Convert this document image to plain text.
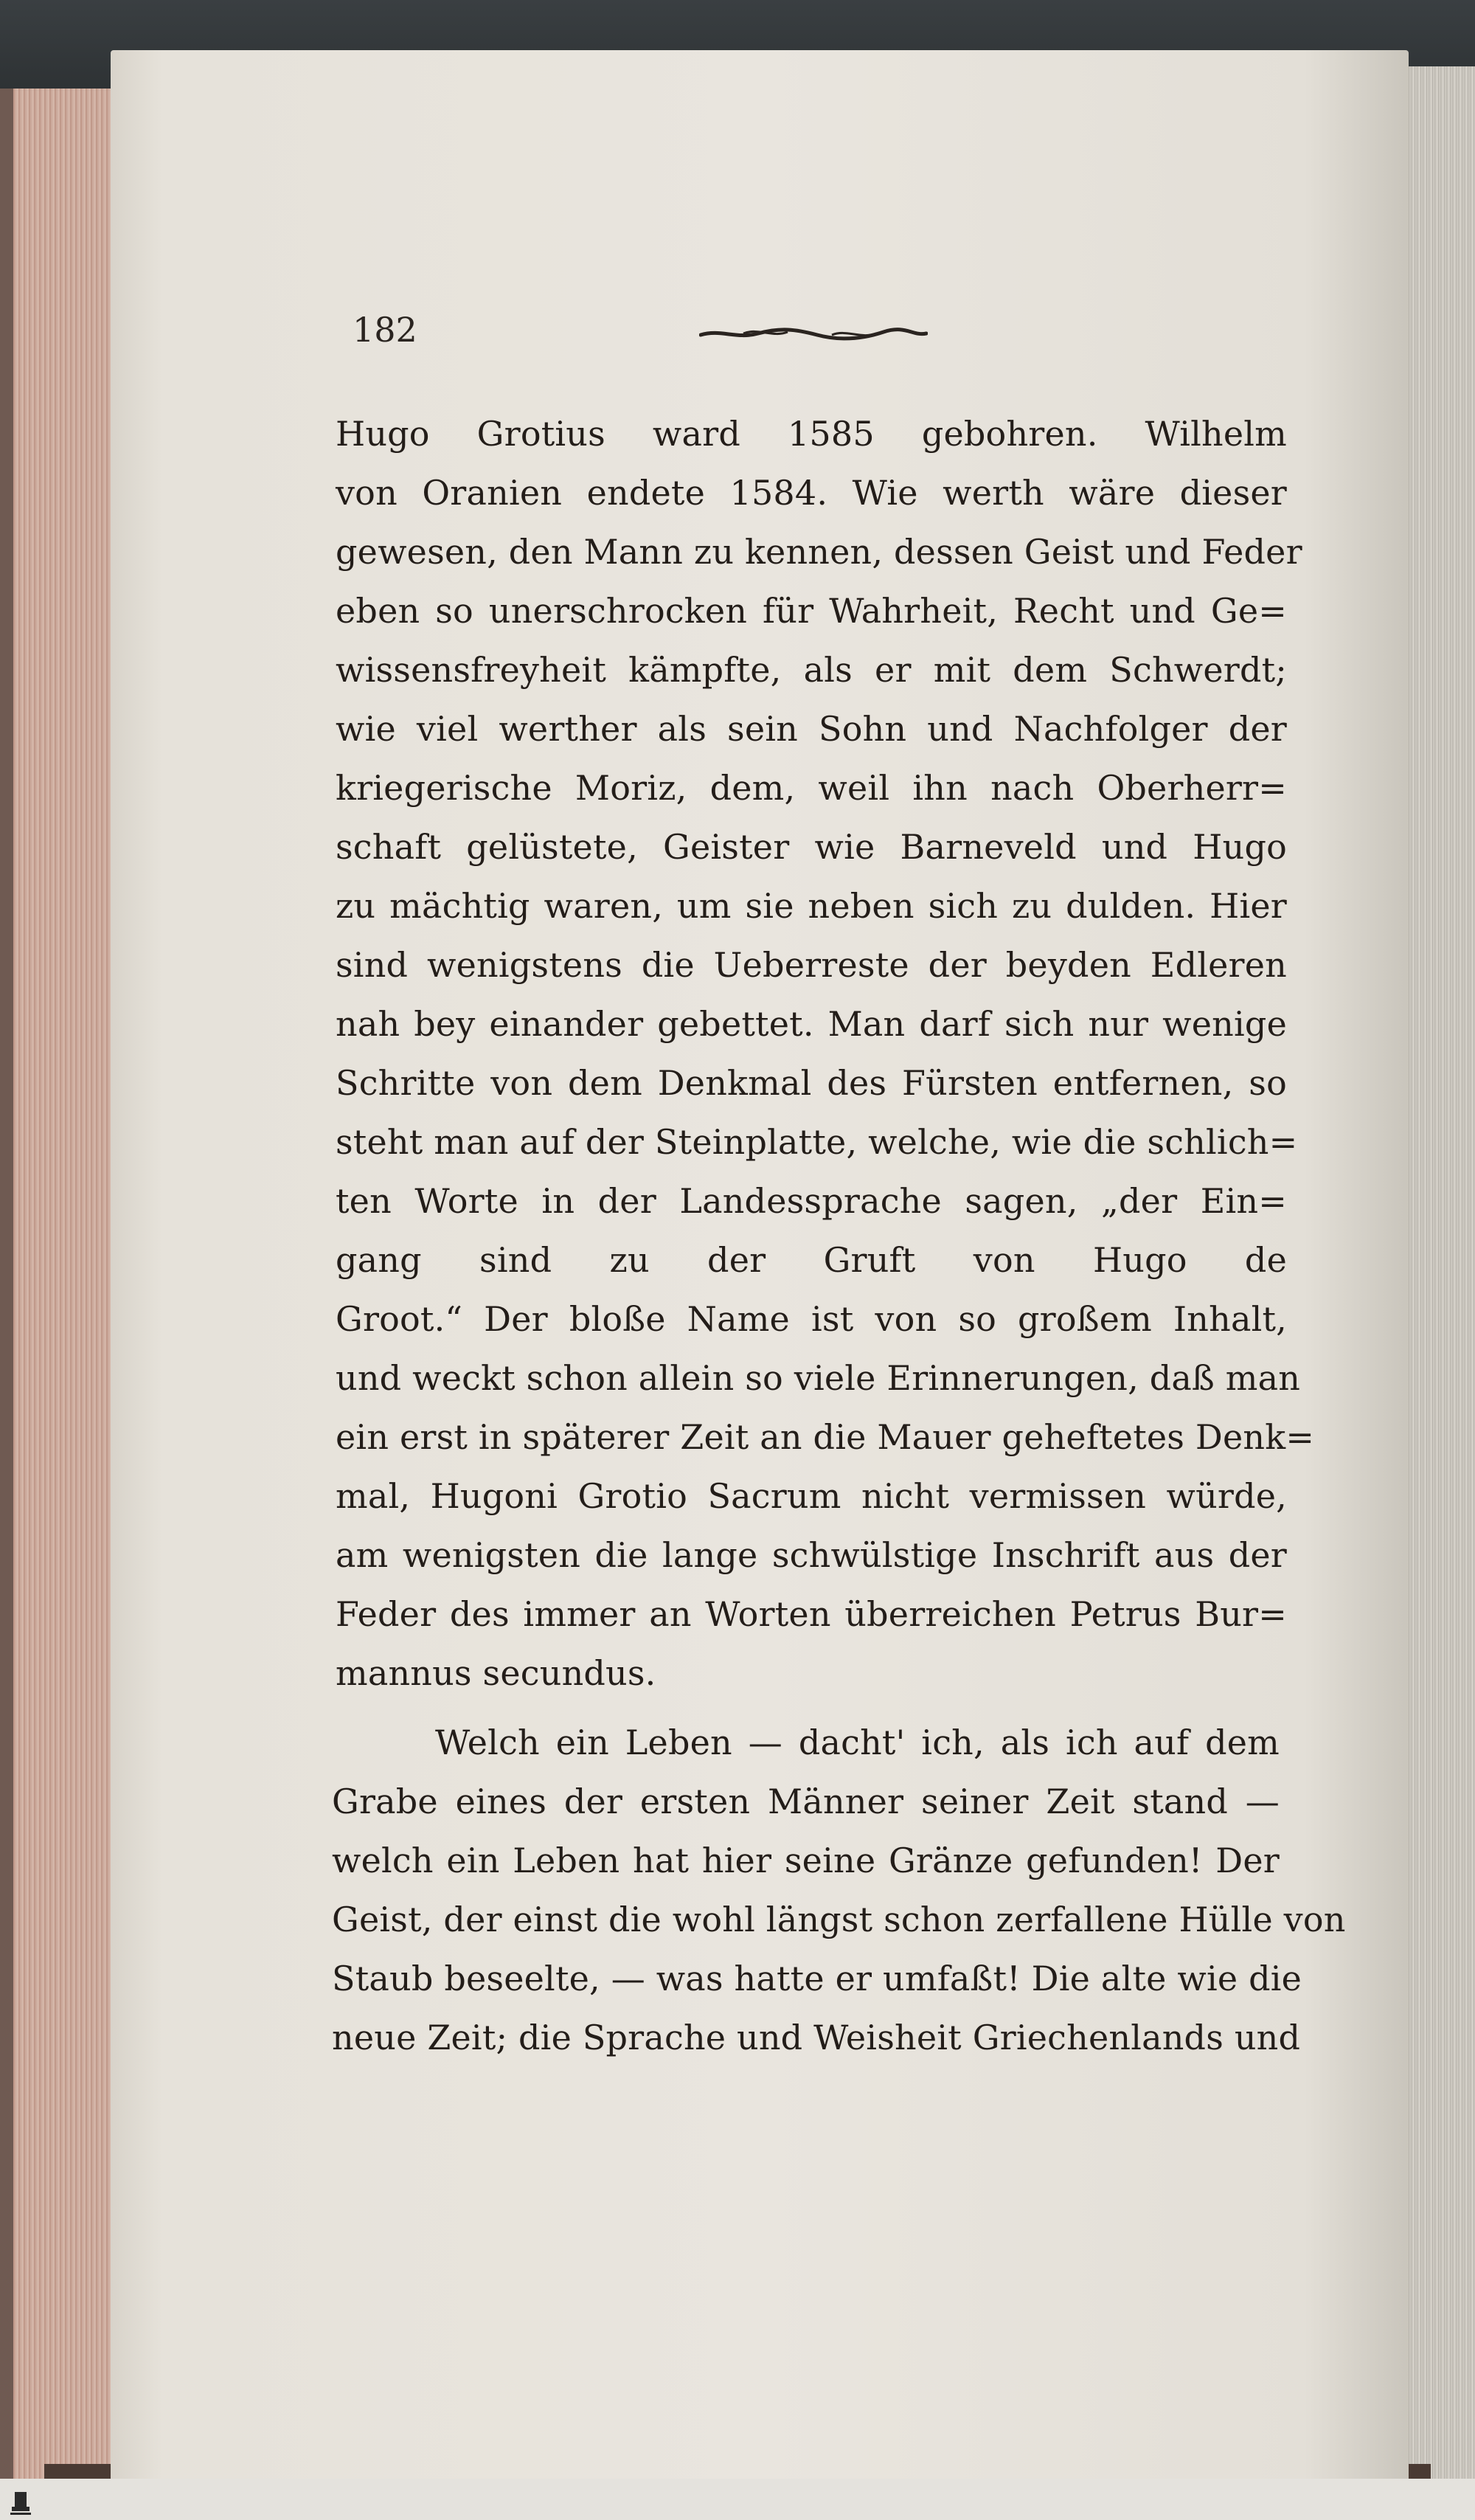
182
Hugo Grotius ward 1585 gebohren. Wilhelm
von Oranien endete 1584. Wie werth wäre dieser
gewesen, den Mann zu kennen, dessen Geist und Feder
eben so unerschrocken für Wahrheit, Recht und Ge=
wissensfreyheit kämpfte, als er mit dem Schwerdt;
wie viel werther als sein Sohn und Nachfolger der
kriegerische Moriz, dem, weil ihn nach Oberherr=
schaft gelüstete, Geister wie Barneveld und Hugo
zu mächtig waren, um sie neben sich zu dulden. Hier
sind wenigstens die Ueberreste der beyden Edleren
nah bey einander gebettet. Man darf sich nur wenige
Schritte von dem Denkmal des Fürsten entfernen, so
steht man auf der Steinplatte, welche, wie die schlich=
ten Worte in der Landessprache sagen, „der Ein=
gang sind zu der Gruft von Hugo de
Groot.“ Der bloße Name ist von so großem Inhalt,
und weckt schon allein so viele Erinnerungen, daß man
ein erst in späterer Zeit an die Mauer geheftetes Denk=
mal, Hugoni Grotio Sacrum nicht vermissen würde,
am wenigsten die lange schwülstige Inschrift aus der
Feder des immer an Worten überreichen Petrus Bur=
mannus secundus.
Welch ein Leben — dacht' ich, als ich auf dem
Grabe eines der ersten Männer seiner Zeit stand —
welch ein Leben hat hier seine Gränze gefunden! Der
Geist, der einst die wohl längst schon zerfallene Hülle von
Staub beseelte, — was hatte er umfaßt! Die alte wie die
neue Zeit; die Sprache und Weisheit Griechenlands und
